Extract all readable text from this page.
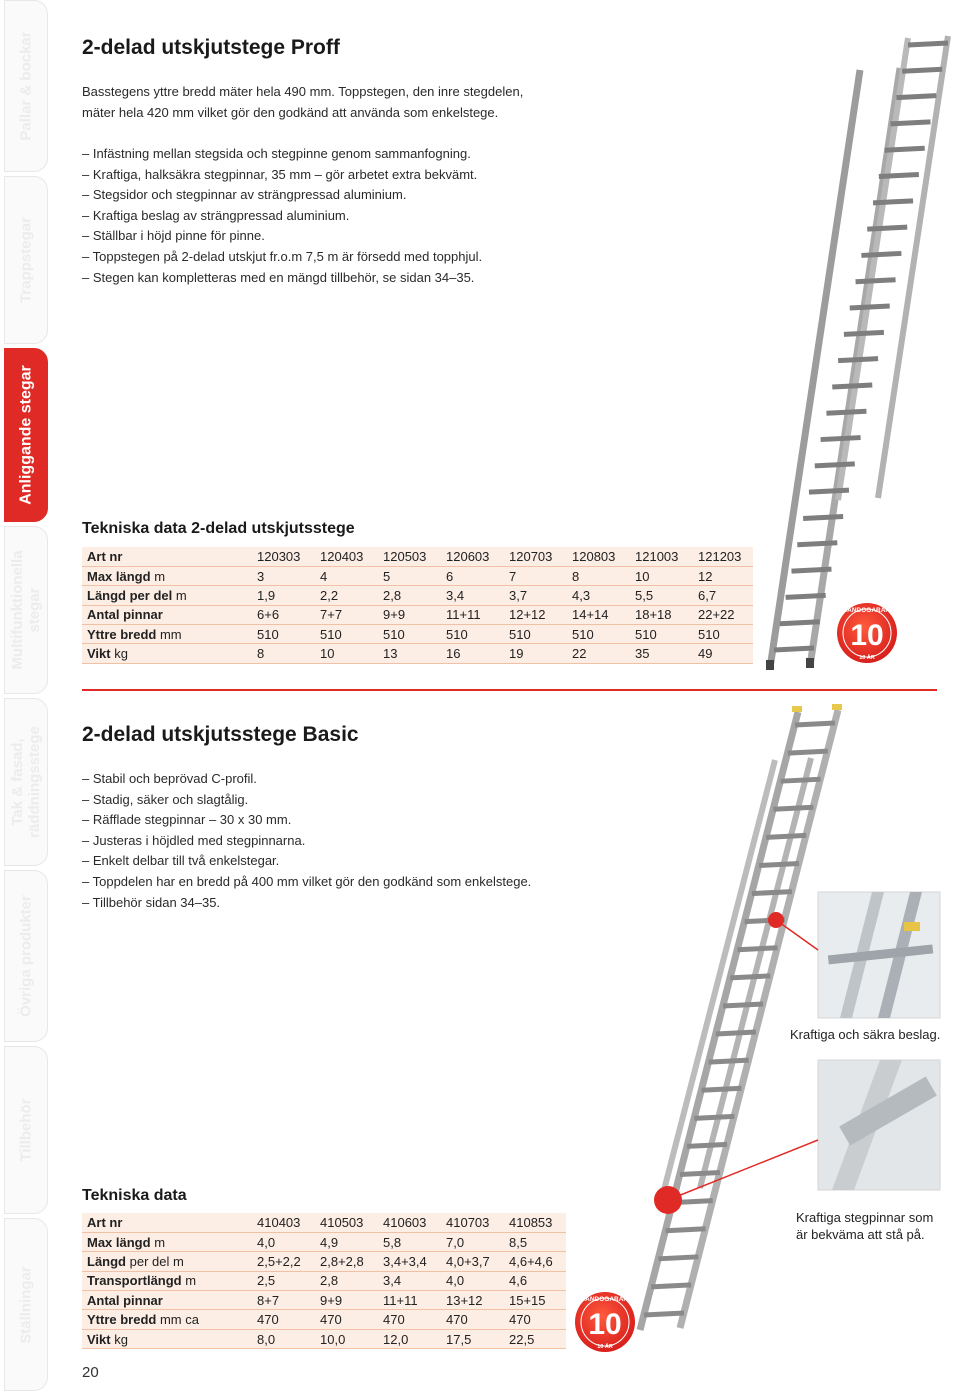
Pallar & bockar
Trappstegar
Anliggande stegar
Multifunktionella stegar
Tak & fasad, räddningsstege
Övriga produkter
Tillbehör
Ställningar
10
SCANDOGARANTI
10 ÅR
10
SCANDOGARANTI
10 ÅR
2-delad utskjutstege Proff
Basstegens yttre bredd mäter hela 490 mm. Toppstegen, den inre stegdelen,
mäter hela 420 mm vilket gör den godkänd att använda som enkelstege.
– Infästning mellan stegsida och stegpinne genom sammanfogning.
– Kraftiga, halksäkra stegpinnar, 35 mm – gör arbetet extra bekvämt.
– Stegsidor och stegpinnar av strängpressad aluminium.
– Kraftiga beslag av strängpressad aluminium.
– Ställbar i höjd pinne för pinne.
– Toppstegen på 2-delad utskjut fr.o.m 7,5 m är försedd med topphjul.
– Stegen kan kompletteras med en mängd tillbehör, se sidan 34–35.
Tekniska data 2-delad utskjutsstege
Art nr	120303	120403	120503	120603	120703	120803	121003	121203
Max längd m	3	4	5	6	7	8	10	12
Längd per del m	1,9	2,2	2,8	3,4	3,7	4,3	5,5	6,7
Antal pinnar	6+6	7+7	9+9	11+11	12+12	14+14	18+18	22+22
Yttre bredd mm	510	510	510	510	510	510	510	510
Vikt kg	8	10	13	16	19	22	35	49
2-delad utskjutsstege Basic
– Stabil och beprövad C-profil.
– Stadig, säker och slagtålig.
– Räfflade stegpinnar – 30 x 30 mm.
– Justeras i höjdled med stegpinnarna.
– Enkelt delbar till två enkelstegar.
– Toppdelen har en bredd på 400 mm vilket gör den godkänd som enkelstege.
– Tillbehör sidan 34–35.
Tekniska data
Art nr	410403	410503	410603	410703	410853
Max längd m	4,0	4,9	5,8	7,0	8,5
Längd per del m	2,5+2,2	2,8+2,8	3,4+3,4	4,0+3,7	4,6+4,6
Transportlängd m	2,5	2,8	3,4	4,0	4,6
Antal pinnar	8+7	9+9	11+11	13+12	15+15
Yttre bredd mm ca	470	470	470	470	470
Vikt kg	8,0	10,0	12,0	17,5	22,5
Kraftiga och säkra beslag.
Kraftiga stegpinnar som
är bekväma att stå på.
20
